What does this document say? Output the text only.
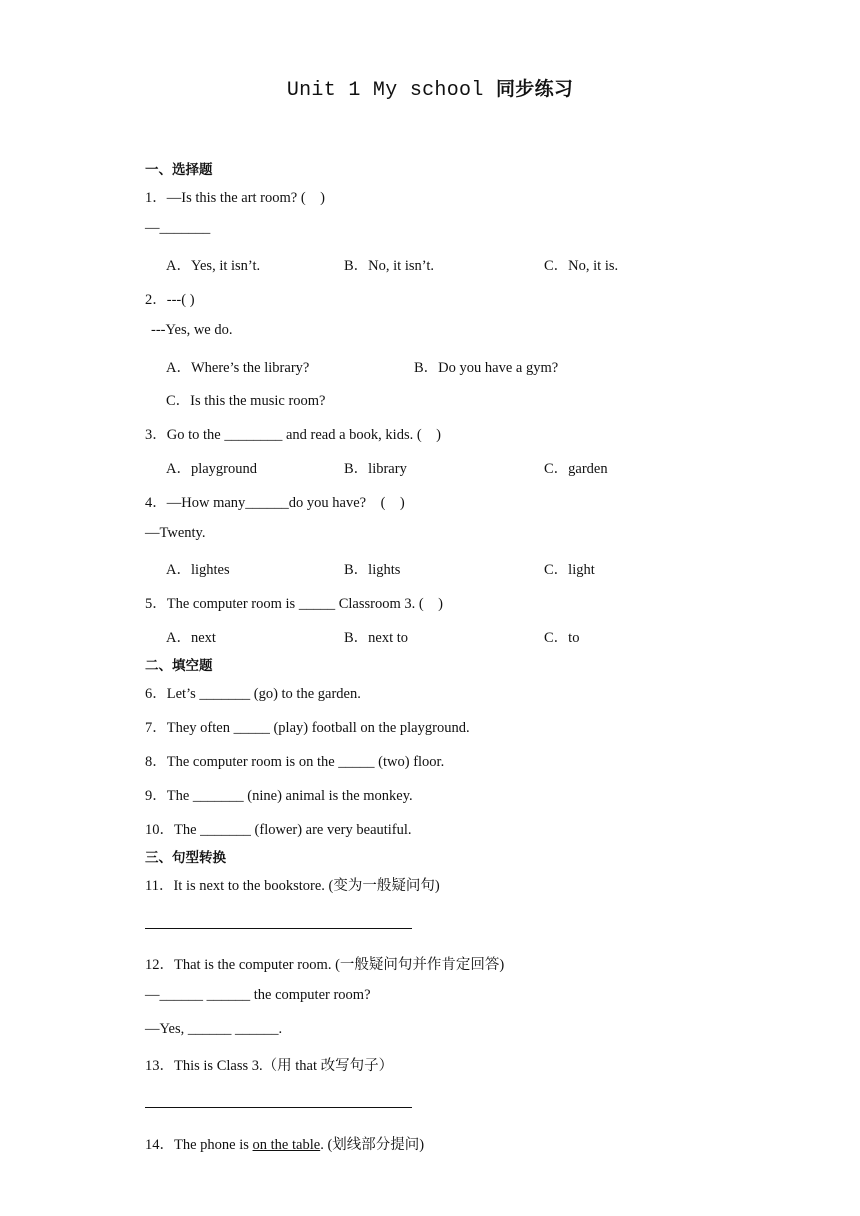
Unit 1 My school 同步练习
一、选择题
1．—Is this the art room? (　)
—_______
A．Yes, it isn’t.	B．No, it isn’t.	C．No, it is.
2．---( )
---Yes, we do.
A．Where’s the library?	B．Do you have a gym?
C．Is this the music room?
3．Go to the ________ and read a book, kids. (　)
A．playground	B．library	C．garden
4．—How many______do you have?　(　)
—Twenty.
A．lightes	B．lights	C．light
5．The computer room is _____ Classroom 3. (　)
A．next	B．next to	C．to
二、填空题
6．Let’s _______ (go) to the garden.
7．They often _____ (play) football on the playground.
8．The computer room is on the _____ (two) floor.
9．The _______ (nine) animal is the monkey.
10．The _______ (flower) are very beautiful.
三、句型转换
11．It is next to the bookstore. (变为一般疑问句)
12．That is the computer room. (一般疑问句并作肯定回答)
—______ ______ the computer room?
—Yes, ______ ______.
13．This is Class 3.（用 that 改写句子）
14．The phone is on the table. (划线部分提问)
